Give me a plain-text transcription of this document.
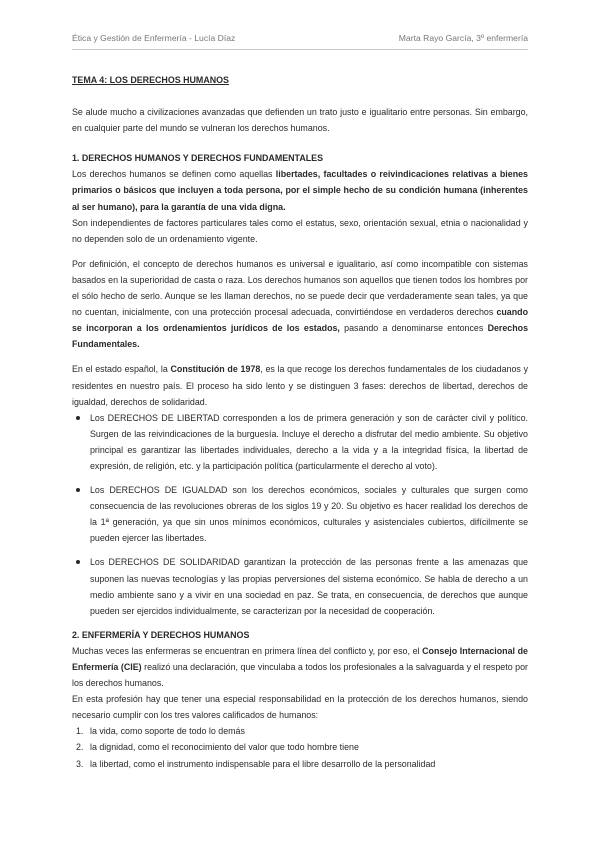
Ética y Gestión de Enfermería - Lucía Díaz	Marta Rayo García, 3º enfermería

TEMA 4: LOS DERECHOS HUMANOS

Se alude mucho a civilizaciones avanzadas que defienden un trato justo e igualitario entre personas. Sin embargo, en cualquier parte del mundo se vulneran los derechos humanos.

1. DERECHOS HUMANOS Y DERECHOS FUNDAMENTALES

Los derechos humanos se definen como aquellas libertades, facultades o reivindicaciones relativas a bienes primarios o básicos que incluyen a toda persona, por el simple hecho de su condición humana (inherentes al ser humano), para la garantía de una vida digna.

Son independientes de factores particulares tales como el estatus, sexo, orientación sexual, etnia o nacionalidad y no dependen solo de un ordenamiento vigente.

Por definición, el concepto de derechos humanos es universal e igualitario, así como incompatible con sistemas basados en la superioridad de casta o raza. Los derechos humanos son aquellos que tienen todos los hombres por el sólo hecho de serlo. Aunque se les llaman derechos, no se puede decir que verdaderamente sean tales, ya que no cuentan, inicialmente, con una protección procesal adecuada, convirtiéndose en verdaderos derechos cuando se incorporan a los ordenamientos jurídicos de los estados, pasando a denominarse entonces Derechos Fundamentales.

En el estado español, la Constitución de 1978, es la que recoge los derechos fundamentales de los ciudadanos y residentes en nuestro país. El proceso ha sido lento y se distinguen 3 fases: derechos de libertad, derechos de igualdad, derechos de solidaridad.

Los DERECHOS DE LIBERTAD corresponden a los de primera generación y son de carácter civil y político. Surgen de las reivindicaciones de la burguesía. Incluye el derecho a disfrutar del medio ambiente. Su objetivo principal es garantizar las libertades individuales, derecho a la vida y a la integridad física, la libertad de expresión, de religión, etc. y la participación política (particularmente el derecho al voto).
Los DERECHOS DE IGUALDAD son los derechos económicos, sociales y culturales que surgen como consecuencia de las revoluciones obreras de los siglos 19 y 20. Su objetivo es hacer realidad los derechos de la 1ª generación, ya que sin unos mínimos económicos, culturales y asistenciales cubiertos, difícilmente se pueden ejercer las libertades.
Los DERECHOS DE SOLIDARIDAD garantizan la protección de las personas frente a las amenazas que suponen las nuevas tecnologías y las propias perversiones del sistema económico. Se habla de derecho a un medio ambiente sano y a vivir en una sociedad en paz. Se trata, en consecuencia, de derechos que aunque pueden ser ejercidos individualmente, se caracterizan por la necesidad de cooperación.

2. ENFERMERÍA Y DERECHOS HUMANOS

Muchas veces las enfermeras se encuentran en primera línea del conflicto y, por eso, el Consejo Internacional de Enfermería (CIE) realizó una declaración, que vinculaba a todos los profesionales a la salvaguarda y el respeto por los derechos humanos.

En esta profesión hay que tener una especial responsabilidad en la protección de los derechos humanos, siendo necesario cumplir con los tres valores calificados de humanos:

1. la vida, como soporte de todo lo demás
2. la dignidad, como el reconocimiento del valor que todo hombre tiene
3. la libertad, como el instrumento indispensable para el libre desarrollo de la personalidad
